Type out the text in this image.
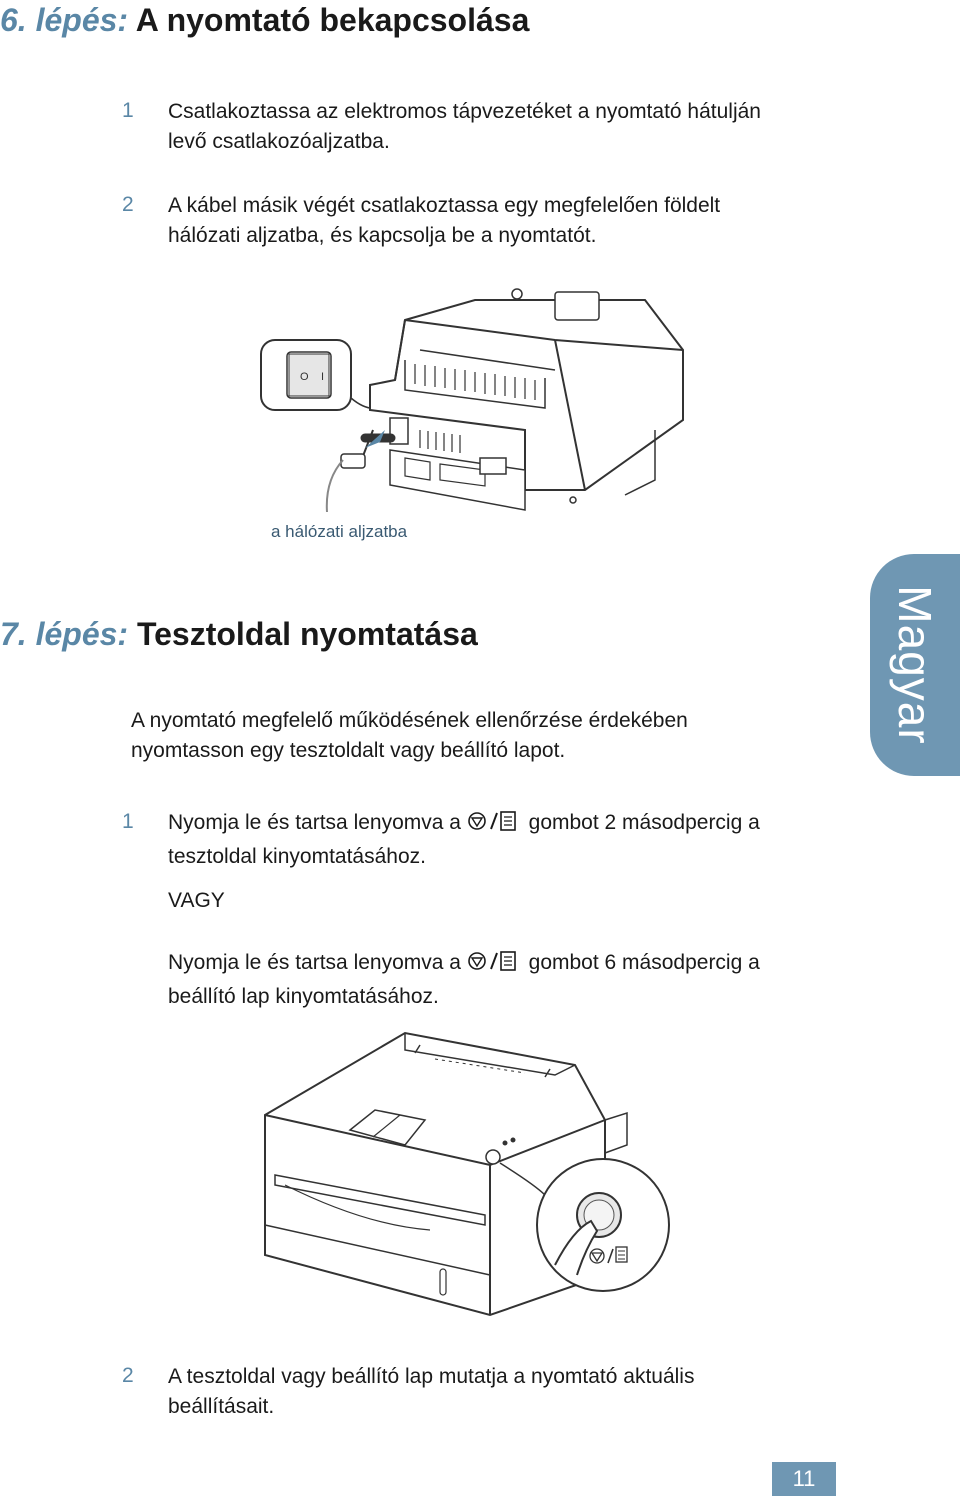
6. lépés: A nyomtató bekapcsolása
1	Csatlakoztassa az elektromos tápvezetéket a nyomtató hátulján
levő csatlakozóaljzatba.
2	A kábel másik végét csatlakoztassa egy megfelelően földelt
hálózati aljzatba, és kapcsolja be a nyomtatót.
O I
a hálózati aljzatba
Magyar
7. lépés: Tesztoldal nyomtatása
A nyomtató megfelelő működésének ellenőrzése érdekében
nyomtasson egy tesztoldalt vagy beállító lapot.
1	Nyomja le és tartsa lenyomva a	gombot 2 másodpercig a
tesztoldal kinyomtatásához.
VAGY
Nyomja le és tartsa lenyomva a	gombot 6 másodpercig a
beállító lap kinyomtatásához.
2	A tesztoldal vagy beállító lap mutatja a nyomtató aktuális
beállításait.
11
